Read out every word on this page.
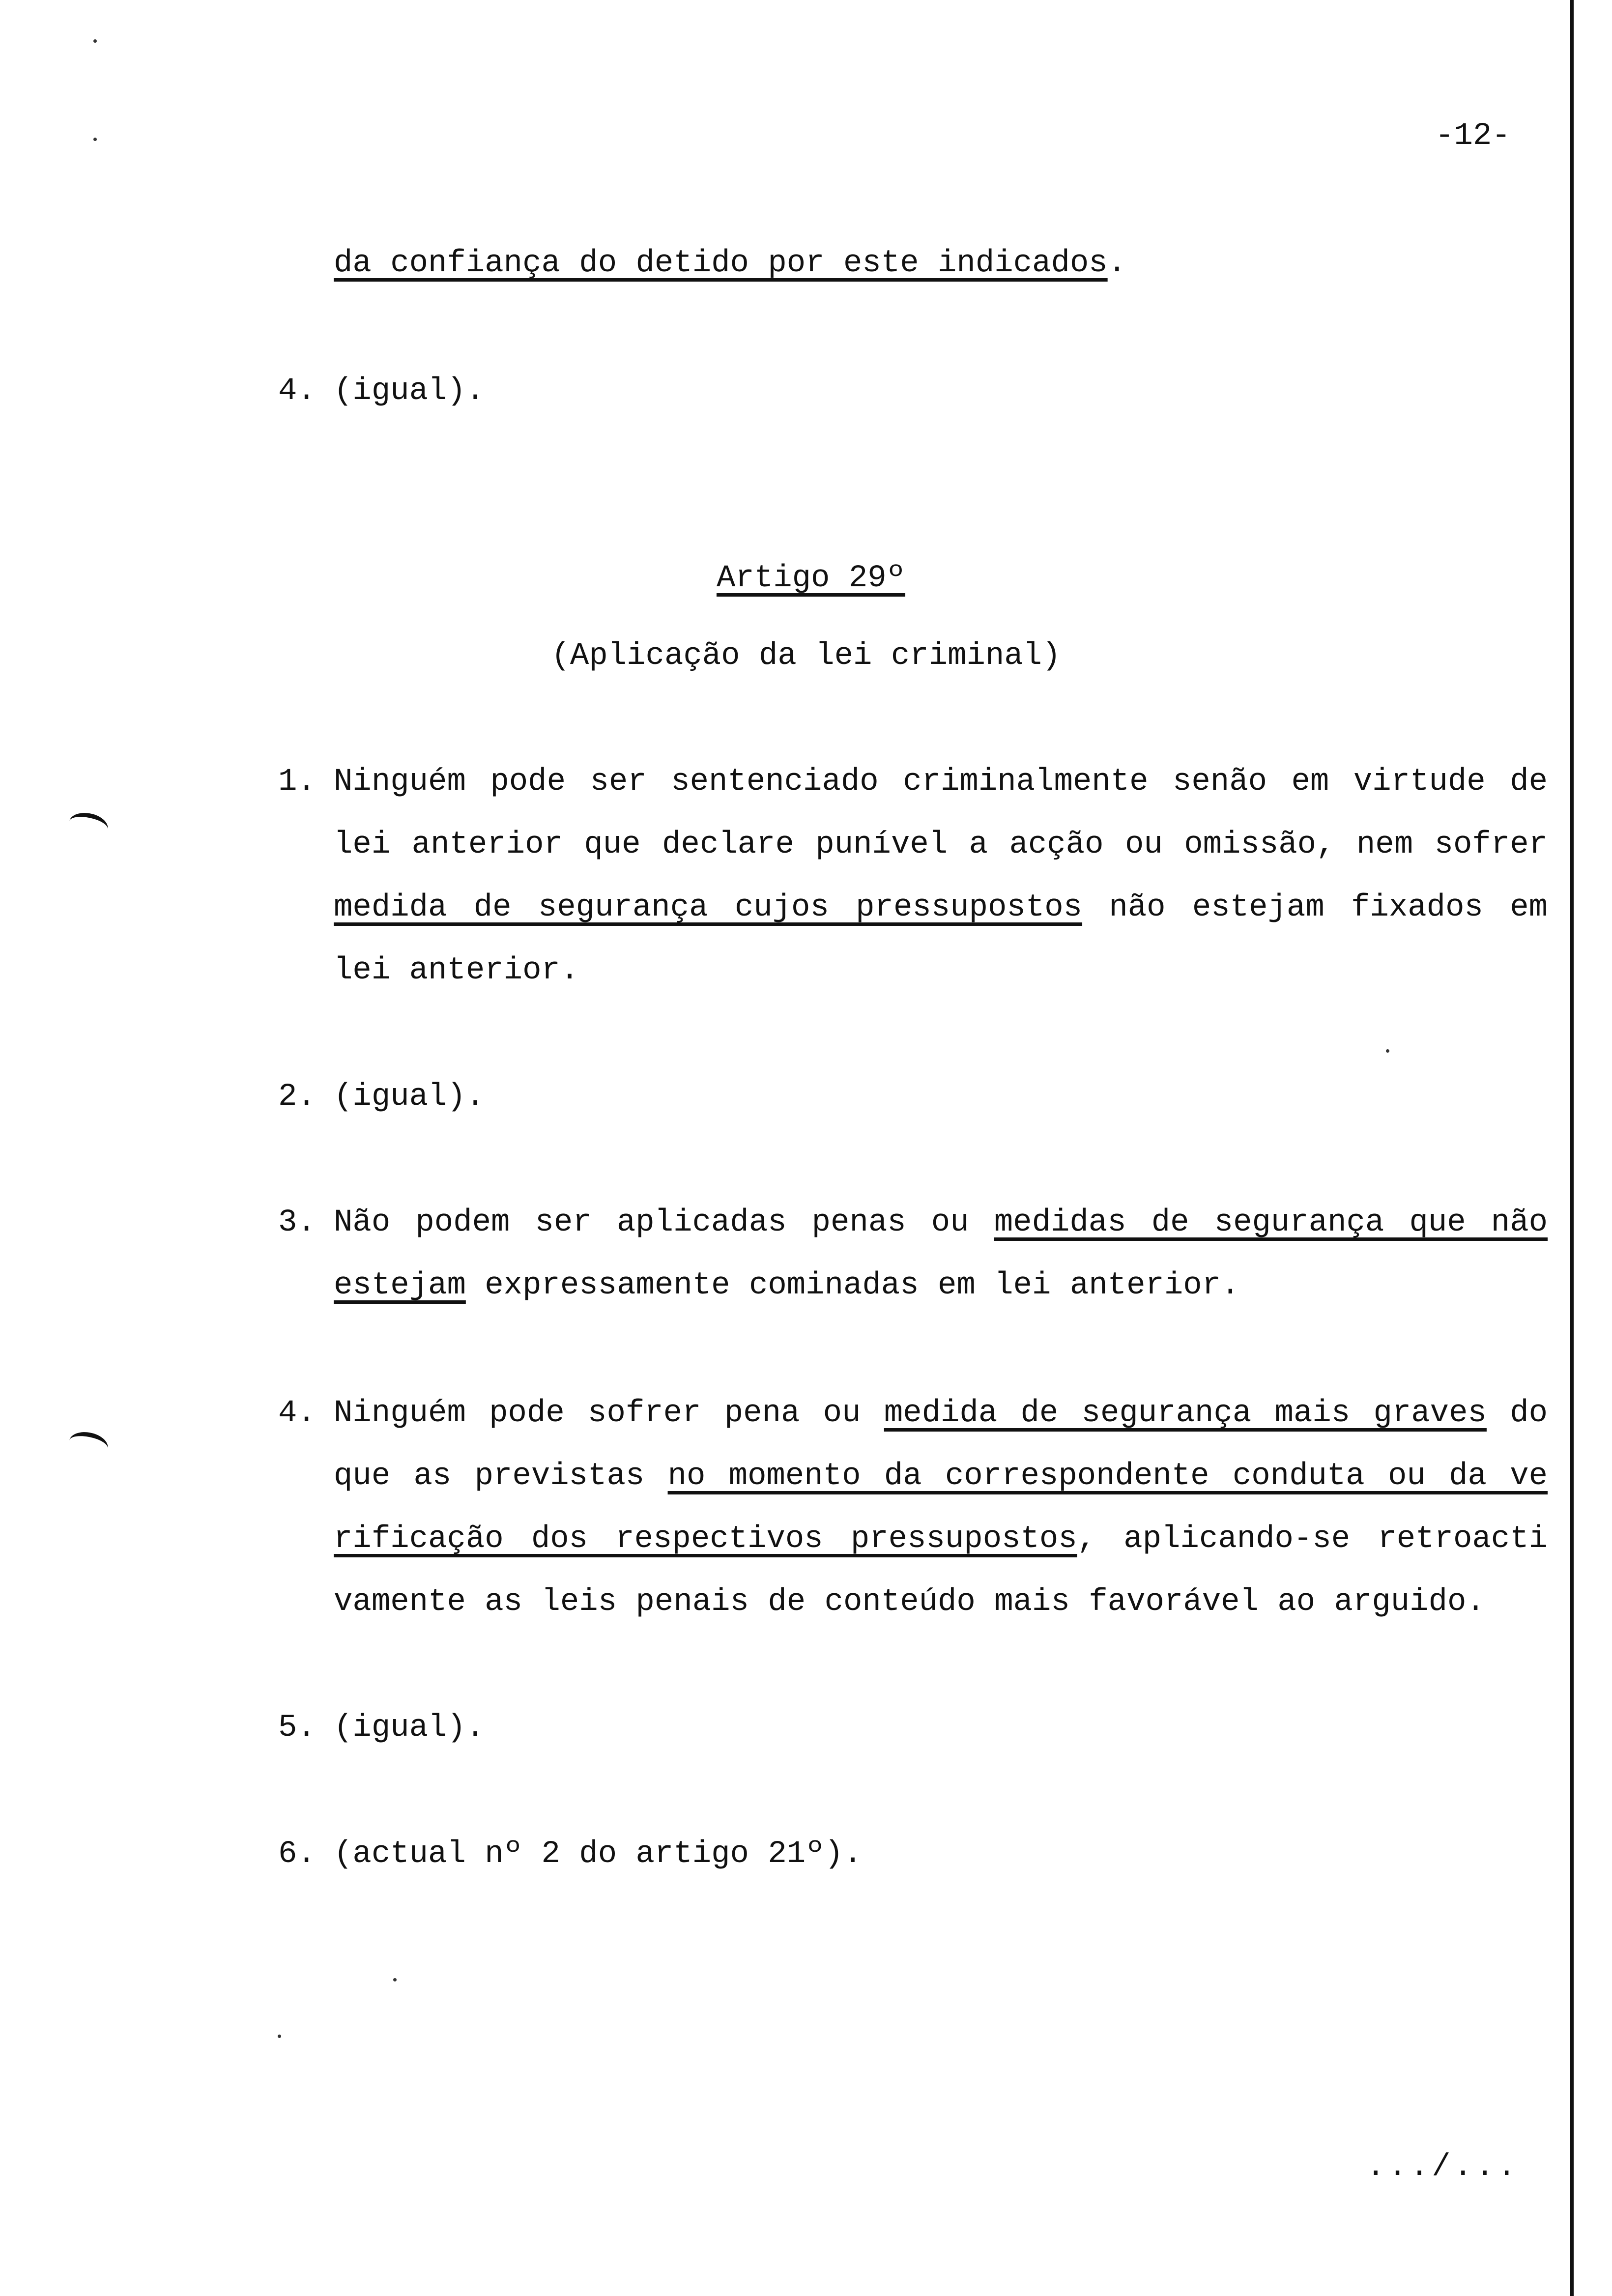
-12-
da confiança do detido por este indicados.
4. (igual).
Artigo 29º
(Aplicação da lei criminal)
1. Ninguém pode ser sentenciado criminalmente senão em virtude de
lei anterior que declare punível a acção ou omissão, nem sofrer
medida de segurança cujos pressupostos não estejam fixados em
lei anterior.
2. (igual).
3. Não podem ser aplicadas penas ou medidas de segurança que não
estejam expressamente cominadas em lei anterior.
4. Ninguém pode sofrer pena ou medida de segurança mais graves do
que as previstas no momento da correspondente conduta ou da ve
rificação dos respectivos pressupostos, aplicando-se retroacti
vamente as leis penais de conteúdo mais favorável ao arguido.
5. (igual).
6. (actual nº 2 do artigo 21º).
.../...
